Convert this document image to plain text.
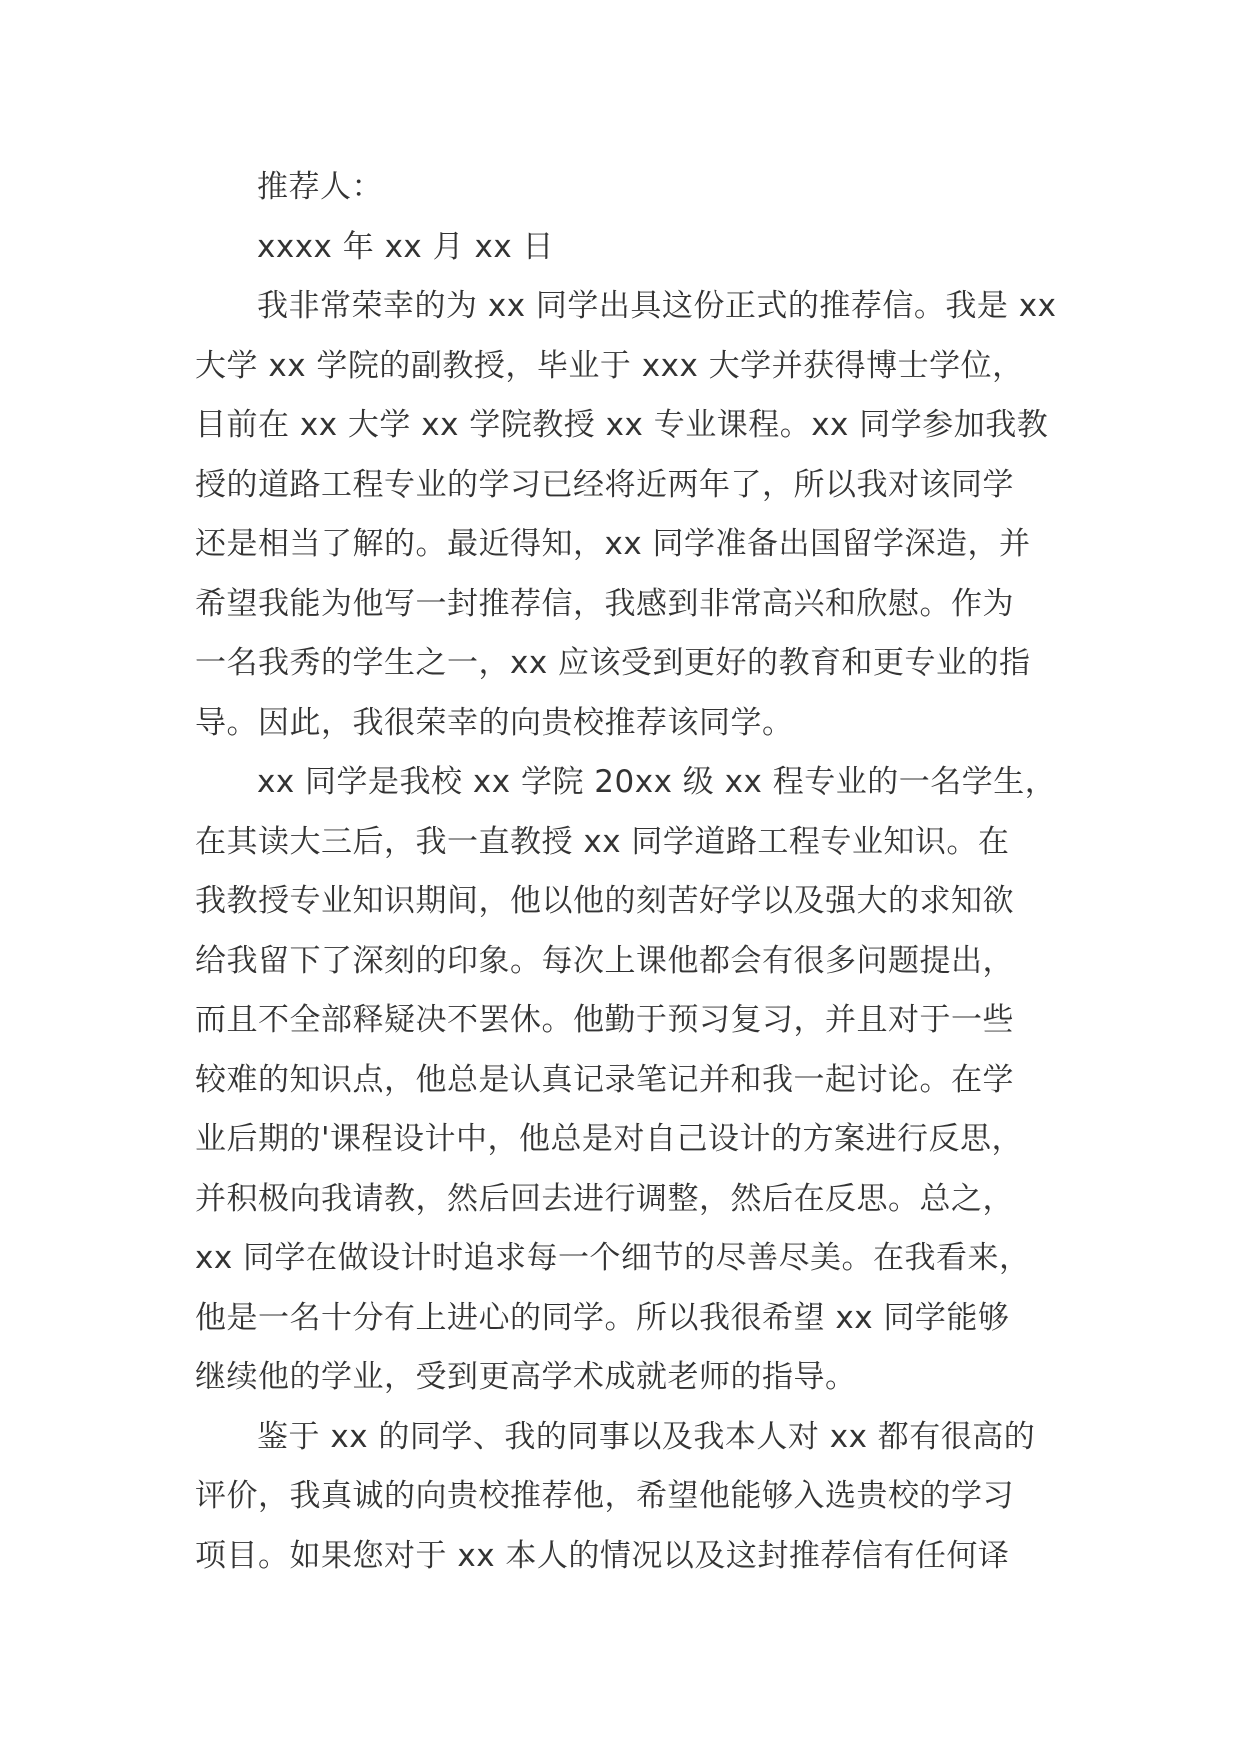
推荐人：

xxxx 年 xx 月 xx 日

我非常荣幸的为 xx 同学出具这份正式的推荐信。我是 xx

大学 xx 学院的副教授，毕业于 xxx 大学并获得博士学位，

目前在 xx 大学 xx 学院教授 xx 专业课程。xx 同学参加我教

授的道路工程专业的学习已经将近两年了，所以我对该同学

还是相当了解的。最近得知，xx 同学准备出国留学深造，并

希望我能为他写一封推荐信，我感到非常高兴和欣慰。作为

一名我秀的学生之一，xx 应该受到更好的教育和更专业的指

导。因此，我很荣幸的向贵校推荐该同学。

xx 同学是我校 xx 学院 20xx 级 xx 程专业的一名学生，

在其读大三后，我一直教授 xx 同学道路工程专业知识。在

我教授专业知识期间，他以他的刻苦好学以及强大的求知欲

给我留下了深刻的印象。每次上课他都会有很多问题提出，

而且不全部释疑决不罢休。他勤于预习复习，并且对于一些

较难的知识点，他总是认真记录笔记并和我一起讨论。在学

业后期的'课程设计中，他总是对自己设计的方案进行反思，

并积极向我请教，然后回去进行调整，然后在反思。总之，

xx 同学在做设计时追求每一个细节的尽善尽美。在我看来，

他是一名十分有上进心的同学。所以我很希望 xx 同学能够

继续他的学业，受到更高学术成就老师的指导。

鉴于 xx 的同学、我的同事以及我本人对 xx 都有很高的

评价，我真诚的向贵校推荐他，希望他能够入选贵校的学习

项目。如果您对于 xx 本人的情况以及这封推荐信有任何译
